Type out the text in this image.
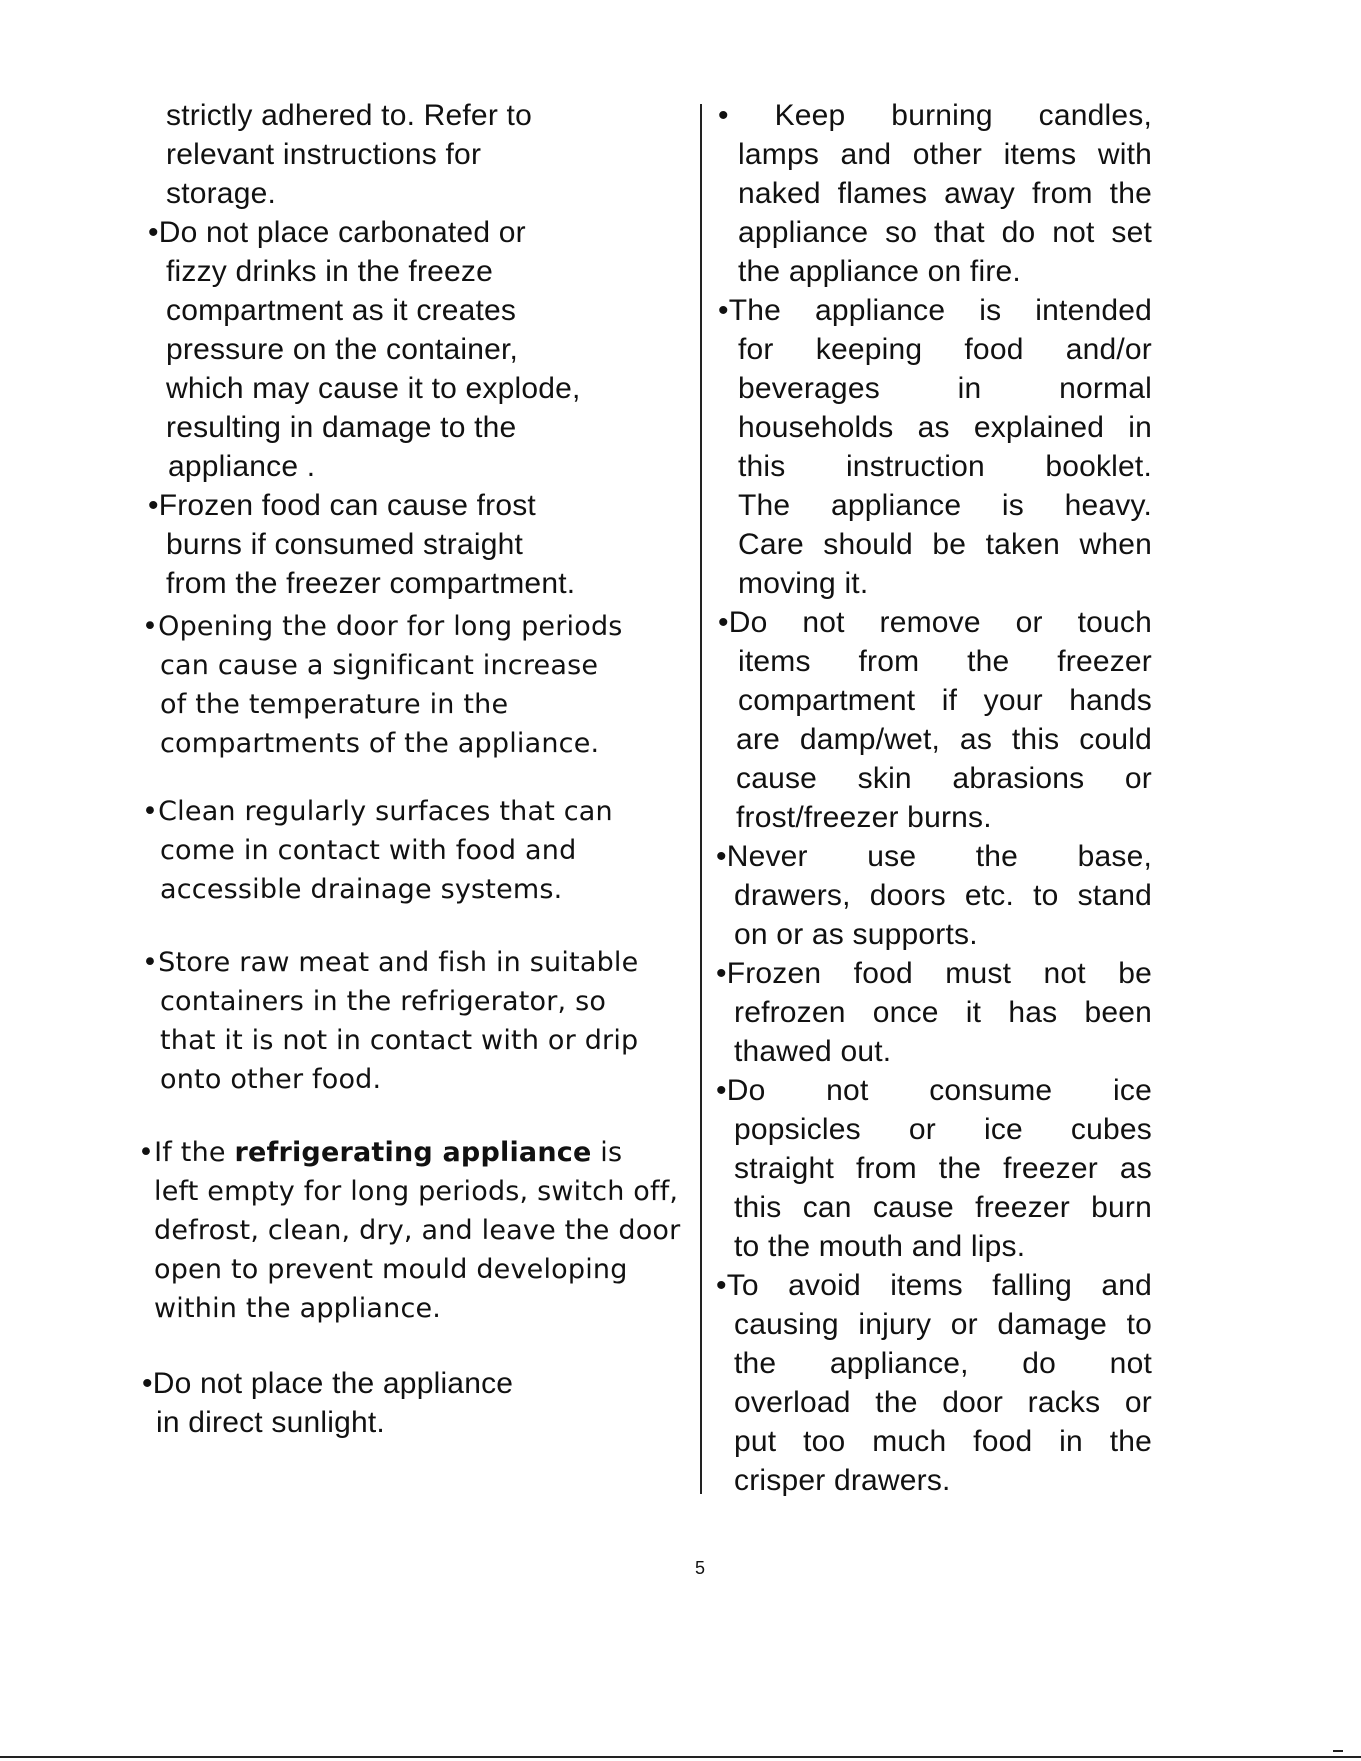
strictly adhered to. Refer to
relevant instructions for
storage.
•Do not place carbonated or
fizzy drinks in the freeze
compartment as it creates
pressure on the container,
which may cause it to explode,
resulting in damage to the
appliance .
•Frozen food can cause frost
burns if consumed straight
from the freezer compartment.
•Opening the door for long periods
can cause a significant increase
of the temperature in the
compartments of the appliance.
•Clean regularly surfaces that can
come in contact with food and
accessible drainage systems.
•Store raw meat and fish in suitable
containers in the refrigerator, so
that it is not in contact with or drip
onto other food.
•If the refrigerating appliance is
left empty for long periods, switch off,
defrost, clean, dry, and leave the door
open to prevent mould developing
within the appliance.
•Do not place the appliance
in direct sunlight.
• Keep burning candles,
lamps and other items with
naked flames away from the
appliance so that do not set
the appliance on fire.
•The appliance is intended
for keeping food and/or
beverages in normal
households as explained in
this instruction booklet.
The appliance is heavy.
Care should be taken when
moving it.
•Do not remove or touch
items from the freezer
compartment if your hands
are damp/wet, as this could
cause skin abrasions or
frost/freezer burns.
•Never use the base,
drawers, doors etc. to stand
on or as supports.
•Frozen food must not be
refrozen once it has been
thawed out.
•Do not consume ice
popsicles or ice cubes
straight from the freezer as
this can cause freezer burn
to the mouth and lips.
•To avoid items falling and
causing injury or damage to
the appliance, do not
overload the door racks or
put too much food in the
crisper drawers.
5
